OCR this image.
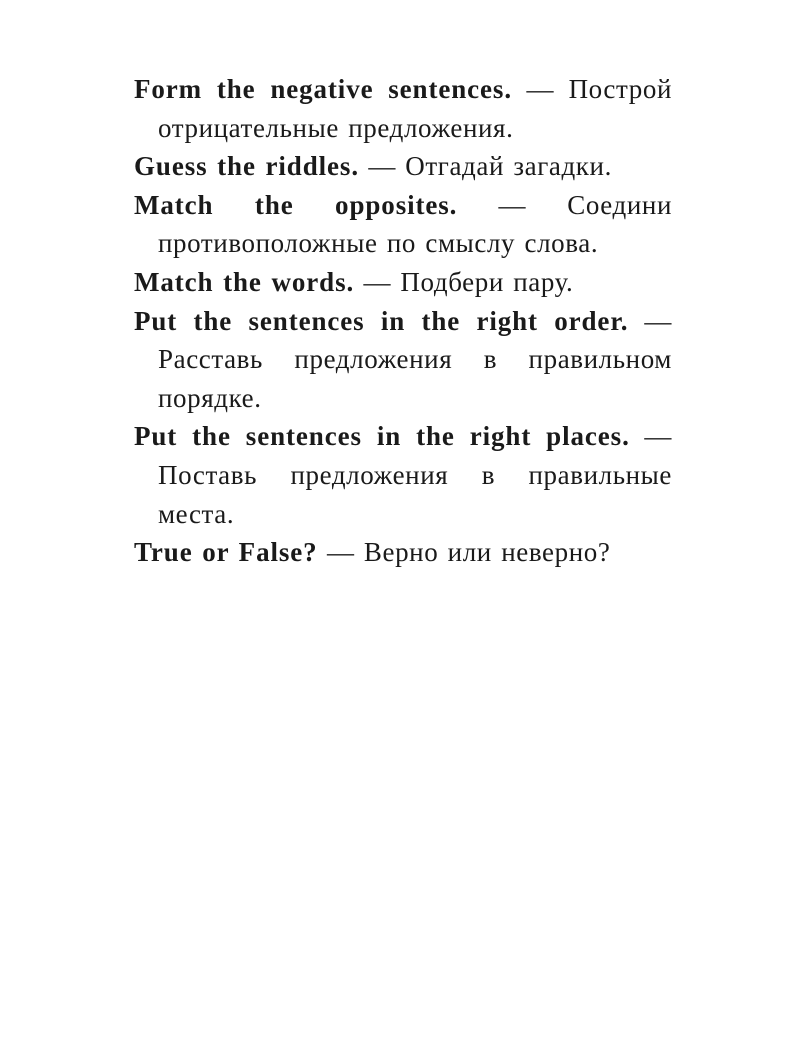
Form the negative sentences. — Построй отрицательные предложения.
Guess the riddles. — Отгадай загадки.
Match the opposites. — Соедини противоположные по смыслу слова.
Match the words. — Подбери пару.
Put the sentences in the right order. — Расставь предложения в правильном порядке.
Put the sentences in the right places. — Поставь предложения в правильные места.
True or False? — Верно или неверно?
